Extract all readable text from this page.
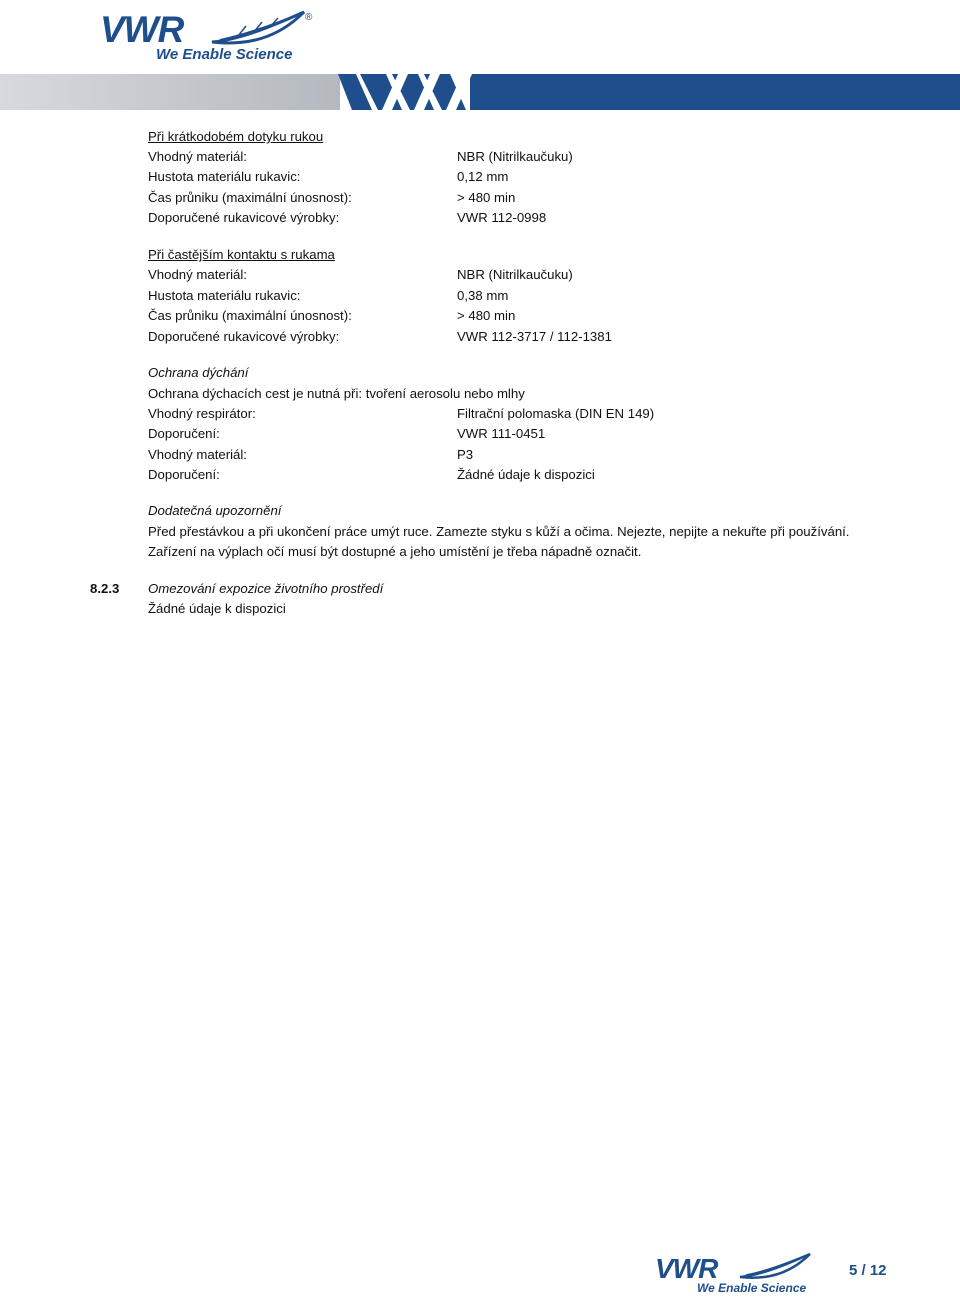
VWR	®
We Enable Science
Při krátkodobém dotyku rukou
Vhodný materiál:	NBR (Nitrilkaučuku)
Hustota materiálu rukavic:	0,12 mm
Čas průniku (maximální únosnost):	> 480 min
Doporučené rukavicové výrobky:	VWR 112-0998
Při častějším kontaktu s rukama
Vhodný materiál:	NBR (Nitrilkaučuku)
Hustota materiálu rukavic:	0,38 mm
Čas průniku (maximální únosnost):	> 480 min
Doporučené rukavicové výrobky:	VWR 112-3717 / 112-1381
Ochrana dýchání
Ochrana dýchacích cest je nutná při: tvoření aerosolu nebo mlhy
Vhodný respirátor:	Filtrační polomaska (DIN EN 149)
Doporučení:	VWR 111-0451
Vhodný materiál:	P3
Doporučení:	Žádné údaje k dispozici
Dodatečná upozornění
Před přestávkou a při ukončení práce umýt ruce. Zamezte styku s kůží a očima. Nejezte, nepijte a nekuřte při používání.
Zařízení na výplach očí musí být dostupné a jeho umístění je třeba nápadně označit.
8.2.3 Omezování expozice životního prostředí
Žádné údaje k dispozici
VWR
We Enable Science
5 / 12
